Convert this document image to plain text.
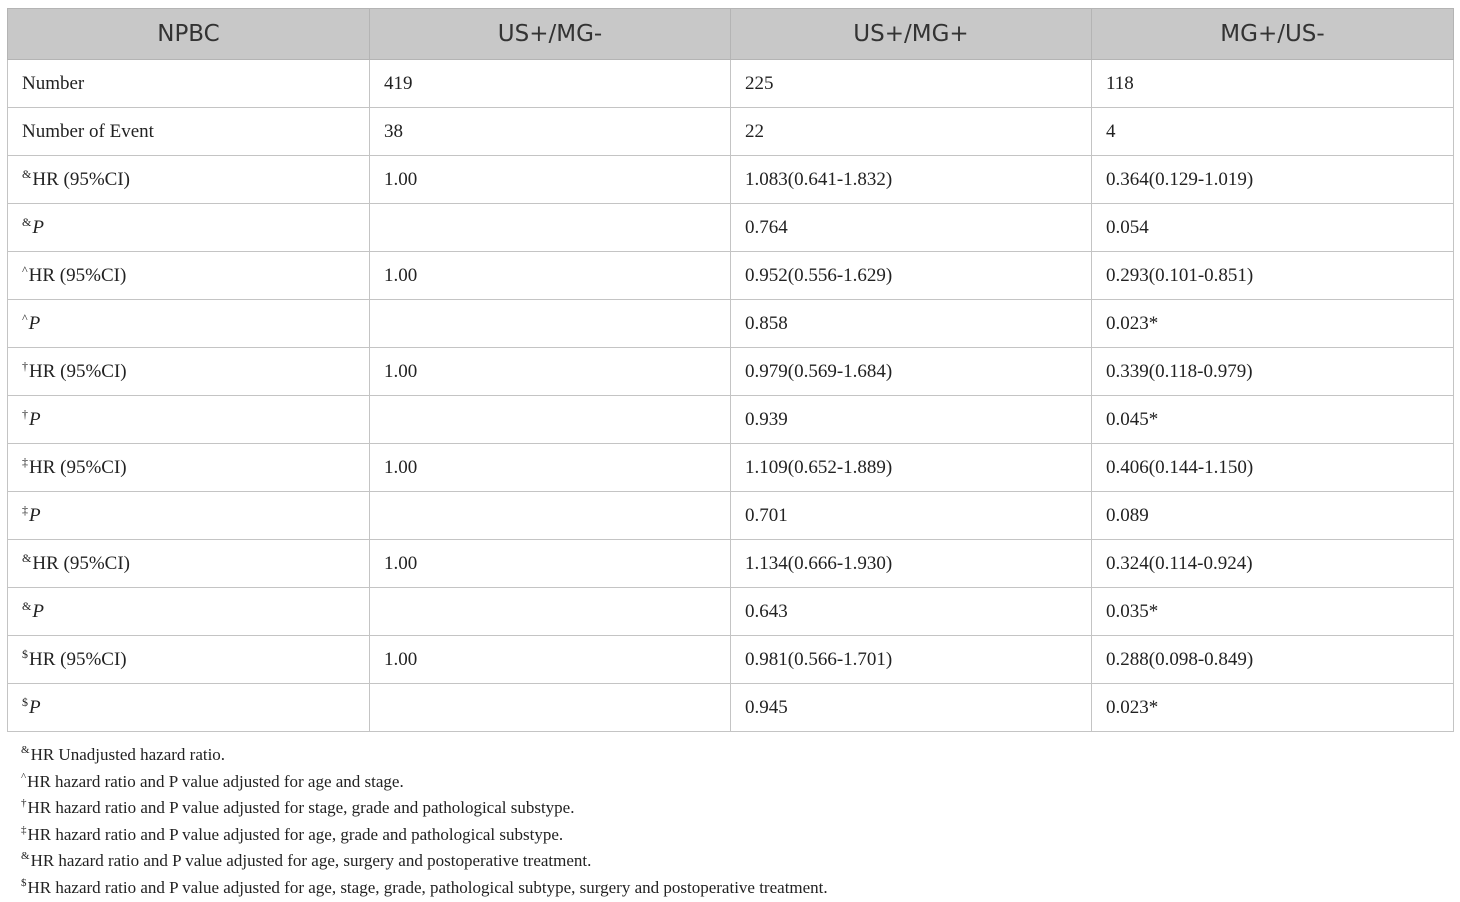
NPBC	US+/MG-	US+/MG+	MG+/US-
Number	419	225	118
Number of Event	38	22	4
&HR (95%CI)	1.00	1.083(0.641-1.832)	0.364(0.129-1.019)
&P		0.764	0.054
^HR (95%CI)	1.00	0.952(0.556-1.629)	0.293(0.101-0.851)
^P		0.858	0.023*
†HR (95%CI)	1.00	0.979(0.569-1.684)	0.339(0.118-0.979)
†P		0.939	0.045*
‡HR (95%CI)	1.00	1.109(0.652-1.889)	0.406(0.144-1.150)
‡P		0.701	0.089
&HR (95%CI)	1.00	1.134(0.666-1.930)	0.324(0.114-0.924)
&P		0.643	0.035*
$HR (95%CI)	1.00	0.981(0.566-1.701)	0.288(0.098-0.849)
$P		0.945	0.023*
&HR Unadjusted hazard ratio.
^HR hazard ratio and P value adjusted for age and stage.
†HR hazard ratio and P value adjusted for stage, grade and pathological substype.
‡HR hazard ratio and P value adjusted for age, grade and pathological substype.
&HR hazard ratio and P value adjusted for age, surgery and postoperative treatment.
$HR hazard ratio and P value adjusted for age, stage, grade, pathological subtype, surgery and postoperative treatment.
